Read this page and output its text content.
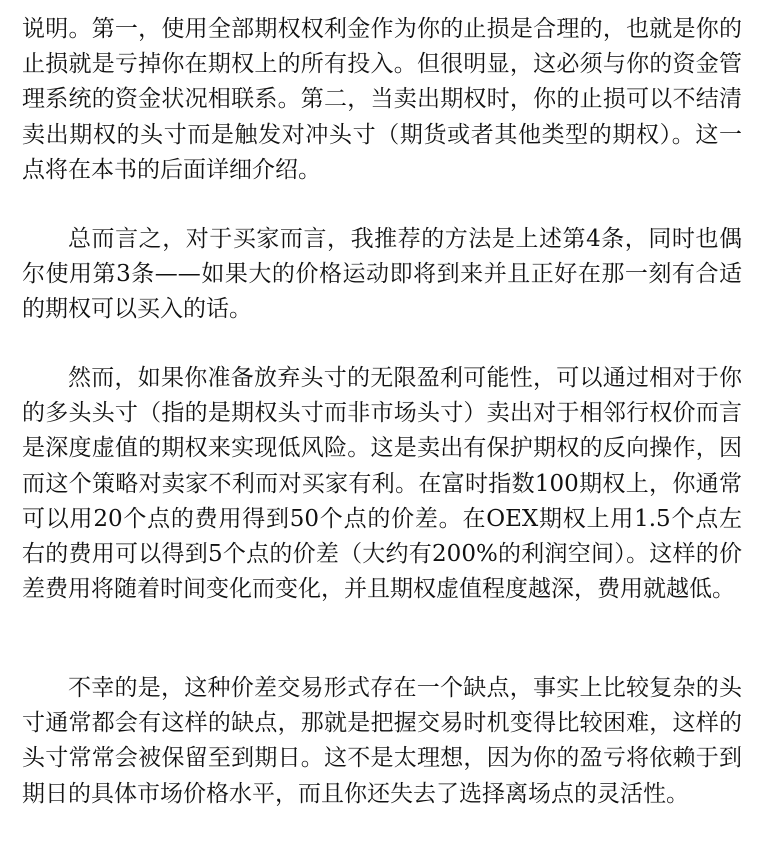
说明。第一，使用全部期权权利金作为你的止损是合理的，也就是你的止损就是亏掉你在期权上的所有投入。但很明显，这必须与你的资金管理系统的资金状况相联系。第二，当卖出期权时，你的止损可以不结清卖出期权的头寸而是触发对冲头寸（期货或者其他类型的期权）。这一点将在本书的后面详细介绍。

总而言之，对于买家而言，我推荐的方法是上述第4条，同时也偶尔使用第3条——如果大的价格运动即将到来并且正好在那一刻有合适的期权可以买入的话。

然而，如果你准备放弃头寸的无限盈利可能性，可以通过相对于你的多头头寸（指的是期权头寸而非市场头寸）卖出对于相邻行权价而言是深度虚值的期权来实现低风险。这是卖出有保护期权的反向操作，因而这个策略对卖家不利而对买家有利。在富时指数100期权上，你通常可以用20个点的费用得到50个点的价差。在OEX期权上用1.5个点左右的费用可以得到5个点的价差（大约有200%的利润空间）。这样的价差费用将随着时间变化而变化，并且期权虚值程度越深，费用就越低。

不幸的是，这种价差交易形式存在一个缺点，事实上比较复杂的头寸通常都会有这样的缺点，那就是把握交易时机变得比较困难，这样的头寸常常会被保留至到期日。这不是太理想，因为你的盈亏将依赖于到期日的具体市场价格水平，而且你还失去了选择离场点的灵活性。
